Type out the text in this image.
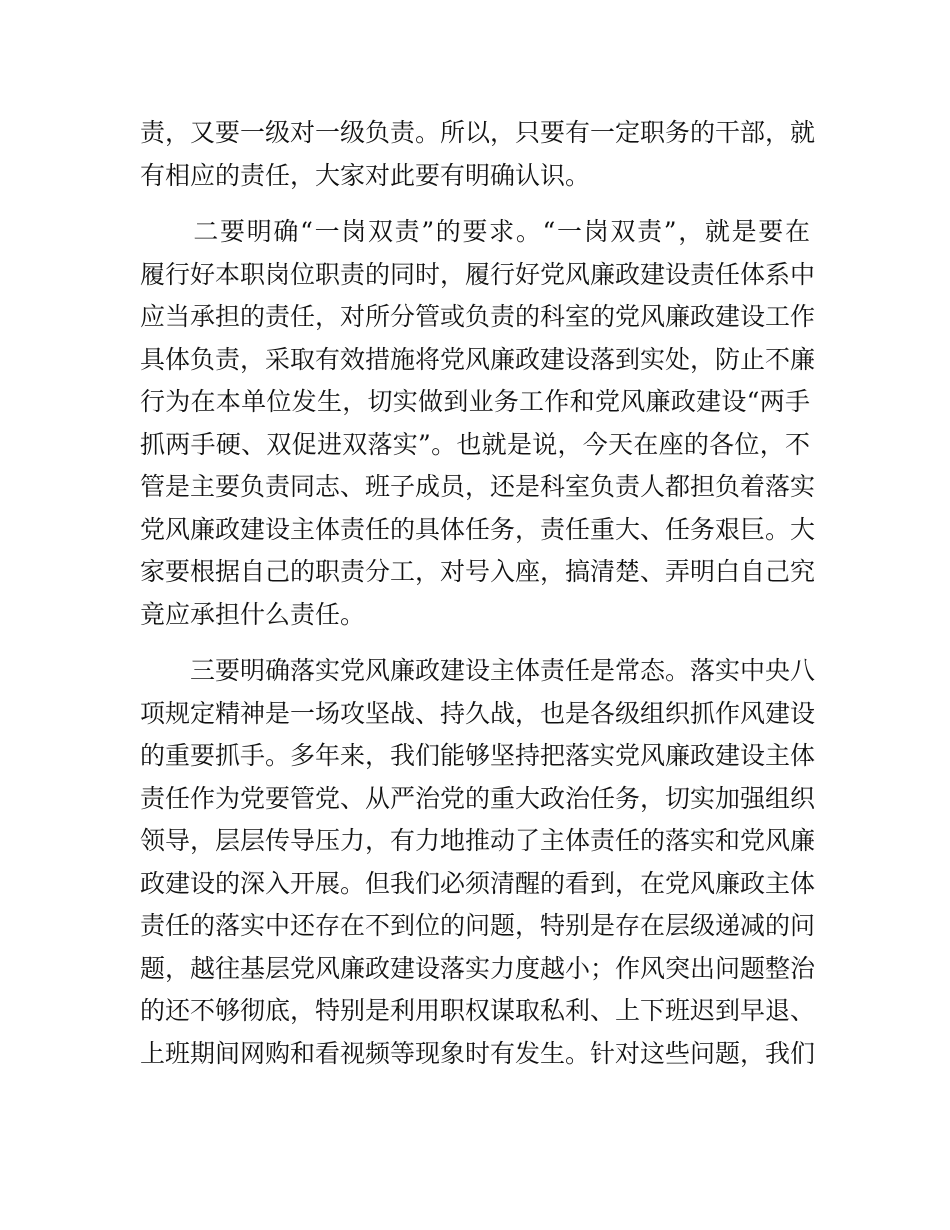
责，又要一级对一级负责。所以，只要有一定职务的干部，就
有相应的责任，大家对此要有明确认识。

　　二要明确“一岗双责”的要求。“一岗双责”，就是要在
履行好本职岗位职责的同时，履行好党风廉政建设责任体系中
应当承担的责任，对所分管或负责的科室的党风廉政建设工作
具体负责，采取有效措施将党风廉政建设落到实处，防止不廉
行为在本单位发生，切实做到业务工作和党风廉政建设“两手
抓两手硬、双促进双落实”。也就是说，今天在座的各位，不
管是主要负责同志、班子成员，还是科室负责人都担负着落实
党风廉政建设主体责任的具体任务，责任重大、任务艰巨。大
家要根据自己的职责分工，对号入座，搞清楚、弄明白自己究
竟应承担什么责任。

　　三要明确落实党风廉政建设主体责任是常态。落实中央八
项规定精神是一场攻坚战、持久战，也是各级组织抓作风建设
的重要抓手。多年来，我们能够坚持把落实党风廉政建设主体
责任作为党要管党、从严治党的重大政治任务，切实加强组织
领导，层层传导压力，有力地推动了主体责任的落实和党风廉
政建设的深入开展。但我们必须清醒的看到，在党风廉政主体
责任的落实中还存在不到位的问题，特别是存在层级递减的问
题，越往基层党风廉政建设落实力度越小；作风突出问题整治
的还不够彻底，特别是利用职权谋取私利、上下班迟到早退、
上班期间网购和看视频等现象时有发生。针对这些问题，我们
